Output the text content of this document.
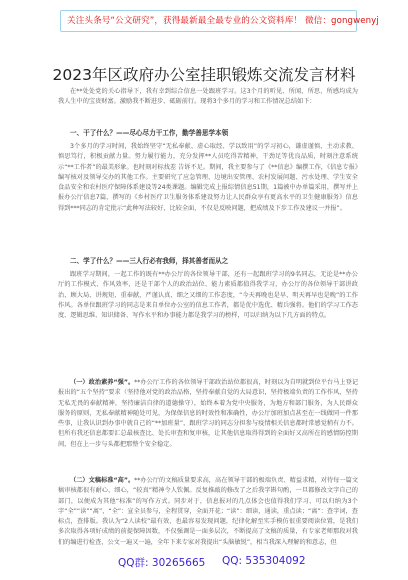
关注头条号“公文研究”，获得最新最全最专业的公文资料库！ 微信：gongwenyj
2023年区政府办公室挂职锻炼交流发言材料

在**处处党的关心指导下，我有幸到综合信息一处跟班学习。这3个月的听见、所闻、所思、所感均成为我人生中的宝贵财富。激励我不断进步、砥砺前行。现将3个多月的学习和工作情况总结如下：

一、干了什么？——尽心尽力干工作，勤学善思学本领

3个多月的学习时间，我始终坚守“无私奉献、虚心取经、学以致用”的学习初心，谦虚谨慎、主动求教、慎思笃行，积极贡献力量。努力履行能力，充分发挥**人员吃得苦精神，干劲足等优良品质，时刻注意系统示“**工作者”的最美形象。也时刻对标找差 告诉不足。期间，我主要参与了《**信息》编撰工作，《信息专报》编写核对及领导交办的其他工作。主要研究了应急管理、边境出安管理、农村发展问题、污水处理、学生安全食品安全和农村医疗保障体系建设等24类课题。编辑完成上报综情信息51期，1篇被中办单篇采用，撰写并上报办公厅信息7篇，撰写的《乡村医疗卫生服务体系建设努力让人民群众享有更高水平的卫生健康服务》信息得到***同志的肯定批示“此种写法较好，比较全面，不仅是反映问题，把成绩及下步工作及建议一并报”。

二、学了什么？——三人行必有我师，择其善者而从之

跟班学习期间，一起工作的既有**办公厅的各位领导干部，还有一起跟班学习的9名同志，无论是**办公厅的工作模式、作风效率，还是干部个人的政治站位、能力素质都值得我学习，办公厅的各位领导干部讲政治、顾大局、讲规矩、重奉献，严谨认真、细之又细的工作态度，“今天再晚也是早，明天再早也是晚”的工作作风。各单位跟班学习的同志是来自单位办公室的信息工作者，都是优中选优、精兵强将。他们的学习工作态度、逻辑思维、知识储备、写作水平和办事能力都是我学习的榜样，可以归纳为以下几方面的特点。

（一）政治素养“强”。**办公厅工作的各位领导干部政治站位都很高，时刻以为自明就到位平台马上登记报出的“五个坚持”要求（坚持他对党的政治品格，坚持奉献自觉的大局意识，坚持极端负责的工作作风，坚持无私无畏的奉献精神，坚持廉洁自律的道德操守），始终本着为党中央服务，为地方和部门服务，为人民群众服务的原则，无私奉献精神随处可见，为保保信息的时效性和准确性，办公厅加班加点甚至在一线做同一件那些事，让我认识到办事中就自己的“**加班量”，跟班学习的同志分担参与疫情相关信息都时常感觉稍有力不。但所有我还信息都要汇总最核查比、处长审查和复审核，让其他信息取得得到的全面好又高所在的感情防控期间，但在上一步与头都把那整个安全稳定。

（二）文稿标准“高”。**办公厅的文稿质量要求高，高在领导干部的极端负责、精益求精，对待每一篇文稿审核都很有耐心、细心，“较真”精神令人钦佩。反复推敲的修改了之后我字斟句酌，一旦都修改文字自己的部门，以便成为其他“标准”的写作方式。同步对于，信息报对的几点体会也值得我们学习，可以归纳为3个字“全”“读”“离”，“全”：宣全员参与，全程贯穿，全面开花；“读”：细读，通读，重点读；“离”：查字词，查标点，查排版。我认为“2人读校”最有效，也最容易发现问题，纪律化解至实手模仿很重要阅读位置，是我们多次取得各项好成绩的前提保障因数，不仅强调是一面多层次，不断提高了文稿的质量，有专家老师那段对我们的编进行检查，公文一遍又一遍，全年下来专家对我提出“头脑敏锐”，相当我深入理解的和意志，但

QQ群: 30265665 QQ: 535304092
